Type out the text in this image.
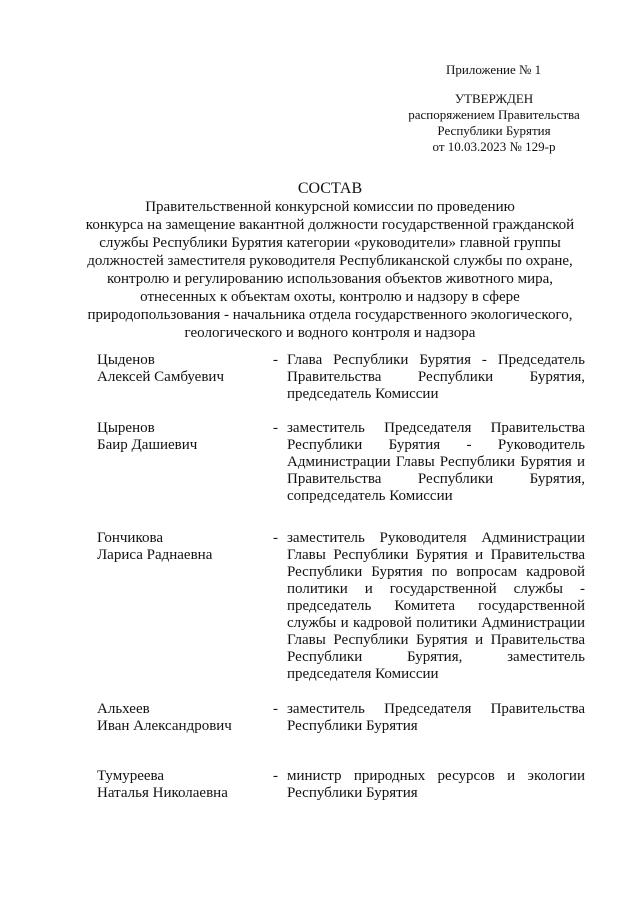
Приложение № 1
УТВЕРЖДЕН
распоряжением Правительства
Республики Бурятия
от 10.03.2023 № 129-р
СОСТАВ
Правительственной конкурсной комиссии по проведению
конкурса на замещение вакантной должности государственной гражданской
службы Республики Бурятия категории «руководители» главной группы
должностей заместителя руководителя Республиканской службы по охране,
контролю и регулированию использования объектов животного мира,
отнесенных к объектам охоты, контролю и надзору в сфере
природопользования - начальника отдела государственного экологического,
геологического и водного контроля и надзора
Цыденов
Алексей Самбуевич
- Глава Республики Бурятия - Председатель Правительства Республики Бурятия, председатель Комиссии
Цыренов
Баир Дашиевич
- заместитель Председателя Правительства Республики Бурятия - Руководитель Администрации Главы Республики Бурятия и Правительства Республики Бурятия, сопредседатель Комиссии
Гончикова
Лариса Раднаевна
- заместитель Руководителя Администрации Главы Республики Бурятия и Правительства Республики Бурятия по вопросам кадровой политики и государственной службы - председатель Комитета государственной службы и кадровой политики Администрации Главы Республики Бурятия и Правительства Республики Бурятия, заместитель председателя Комиссии
Альхеев
Иван Александрович
- заместитель Председателя Правительства Республики Бурятия
Тумуреева
Наталья Николаевна
- министр природных ресурсов и экологии Республики Бурятия
